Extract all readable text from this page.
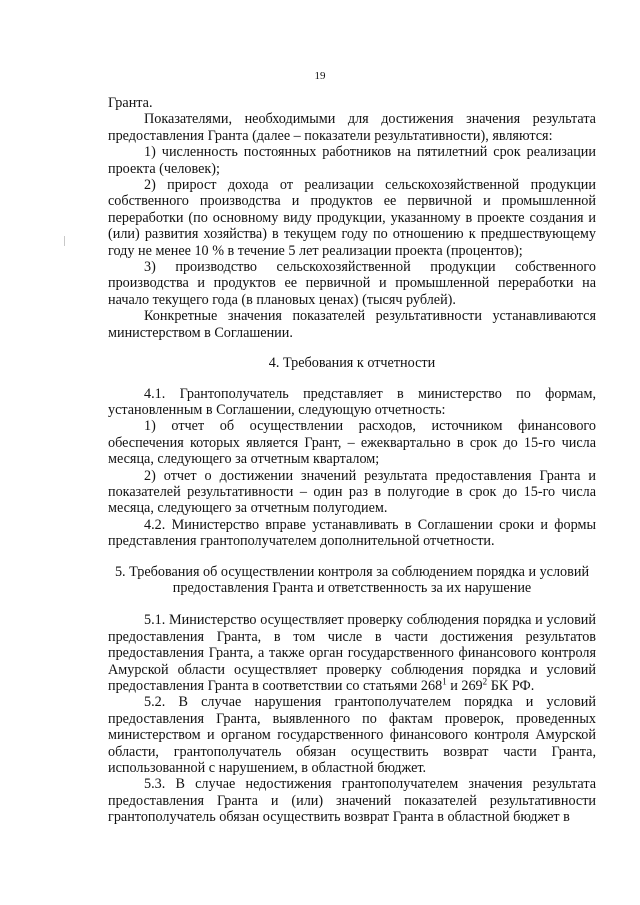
19

Гранта.

Показателями, необходимыми для достижения значения результата предоставления Гранта (далее – показатели результативности), являются:

1) численность постоянных работников на пятилетний срок реализации проекта (человек);

2) прирост дохода от реализации сельскохозяйственной продукции собственного производства и продуктов ее первичной и промышленной переработки (по основному виду продукции, указанному в проекте создания и (или) развития хозяйства) в текущем году по отношению к предшествующему году не менее 10 % в течение 5 лет реализации проекта (процентов);

3) производство сельскохозяйственной продукции собственного производства и продуктов ее первичной и промышленной переработки на начало текущего года (в плановых ценах) (тысяч рублей).

Конкретные значения показателей результативности устанавливаются министерством в Соглашении.

4. Требования к отчетности

4.1. Грантополучатель представляет в министерство по формам, установленным в Соглашении, следующую отчетность:

1) отчет об осуществлении расходов, источником финансового обеспечения которых является Грант, – ежеквартально в срок до 15-го числа месяца, следующего за отчетным кварталом;

2) отчет о достижении значений результата предоставления Гранта и показателей результативности – один раз в полугодие в срок до 15-го числа месяца, следующего за отчетным полугодием.

4.2. Министерство вправе устанавливать в Соглашении сроки и формы представления грантополучателем дополнительной отчетности.

5. Требования об осуществлении контроля за соблюдением порядка и условий

предоставления Гранта и ответственность за их нарушение

5.1. Министерство осуществляет проверку соблюдения порядка и условий предоставления Гранта, в том числе в части достижения результатов предоставления Гранта, а также орган государственного финансового контроля Амурской области осуществляет проверку соблюдения порядка и условий предоставления Гранта в соответствии со статьями $268^1$ и $269^2$ БК РФ.

5.2. В случае нарушения грантополучателем порядка и условий предоставления Гранта, выявленного по фактам проверок, проведенных министерством и органом государственного финансового контроля Амурской области, грантополучатель обязан осуществить возврат части Гранта, использованной с нарушением, в областной бюджет.

5.3. В случае недостижения грантополучателем значения результата предоставления Гранта и (или) значений показателей результативности грантополучатель обязан осуществить возврат Гранта в областной бюджет в
